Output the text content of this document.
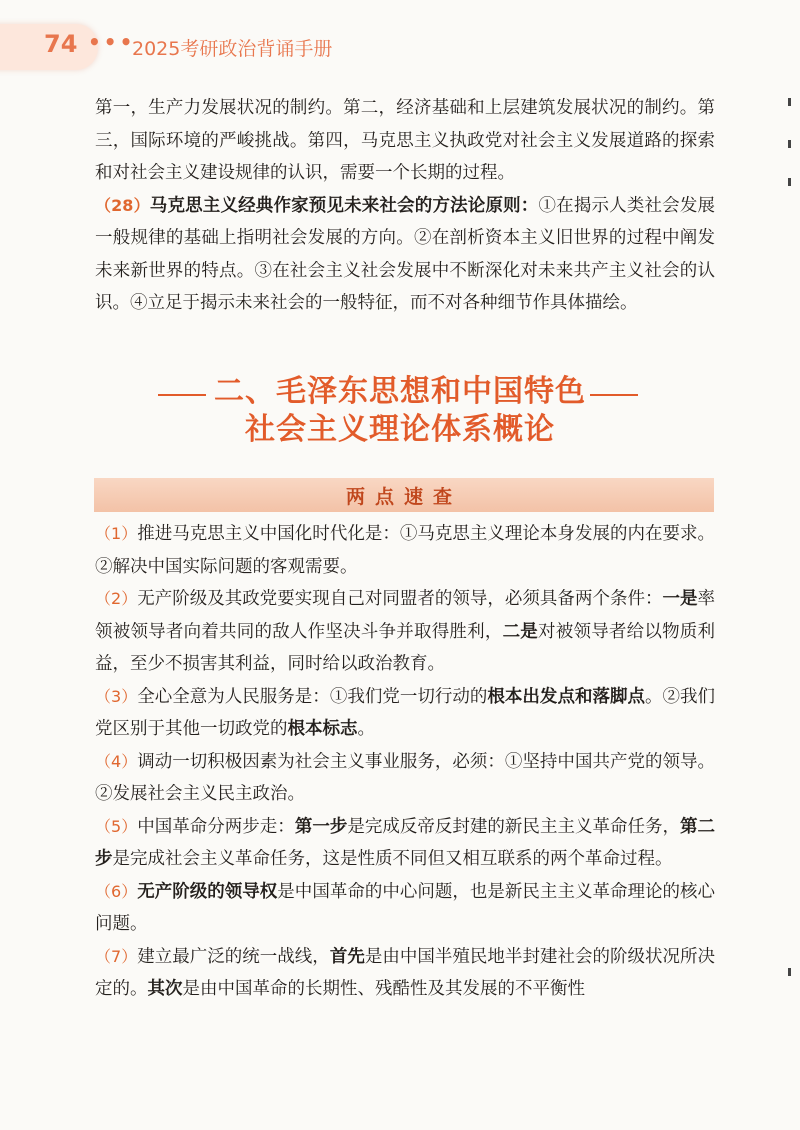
74 •••
2025考研政治背诵手册

第一，生产力发展状况的制约。第二，经济基础和上层建筑发展状况的制约。第三，国际环境的严峻挑战。第四，马克思主义执政党对社会主义发展道路的探索和对社会主义建设规律的认识，需要一个长期的过程。

（28）马克思主义经典作家预见未来社会的方法论原则：①在揭示人类社会发展一般规律的基础上指明社会发展的方向。②在剖析资本主义旧世界的过程中阐发未来新世界的特点。③在社会主义社会发展中不断深化对未来共产主义社会的认识。④立足于揭示未来社会的一般特征，而不对各种细节作具体描绘。

二、毛泽东思想和中国特色
社会主义理论体系概论
两点速查

（1）推进马克思主义中国化时代化是：①马克思主义理论本身发展的内在要求。②解决中国实际问题的客观需要。

（2）无产阶级及其政党要实现自己对同盟者的领导，必须具备两个条件：一是率领被领导者向着共同的敌人作坚决斗争并取得胜利，二是对被领导者给以物质利益，至少不损害其利益，同时给以政治教育。

（3）全心全意为人民服务是：①我们党一切行动的根本出发点和落脚点。②我们党区别于其他一切政党的根本标志。

（4）调动一切积极因素为社会主义事业服务，必须：①坚持中国共产党的领导。②发展社会主义民主政治。

（5）中国革命分两步走：第一步是完成反帝反封建的新民主主义革命任务，第二步是完成社会主义革命任务，这是性质不同但又相互联系的两个革命过程。

（6）无产阶级的领导权是中国革命的中心问题，也是新民主主义革命理论的核心问题。

（7）建立最广泛的统一战线，首先是由中国半殖民地半封建社会的阶级状况所决定的。其次是由中国革命的长期性、残酷性及其发展的不平衡性
